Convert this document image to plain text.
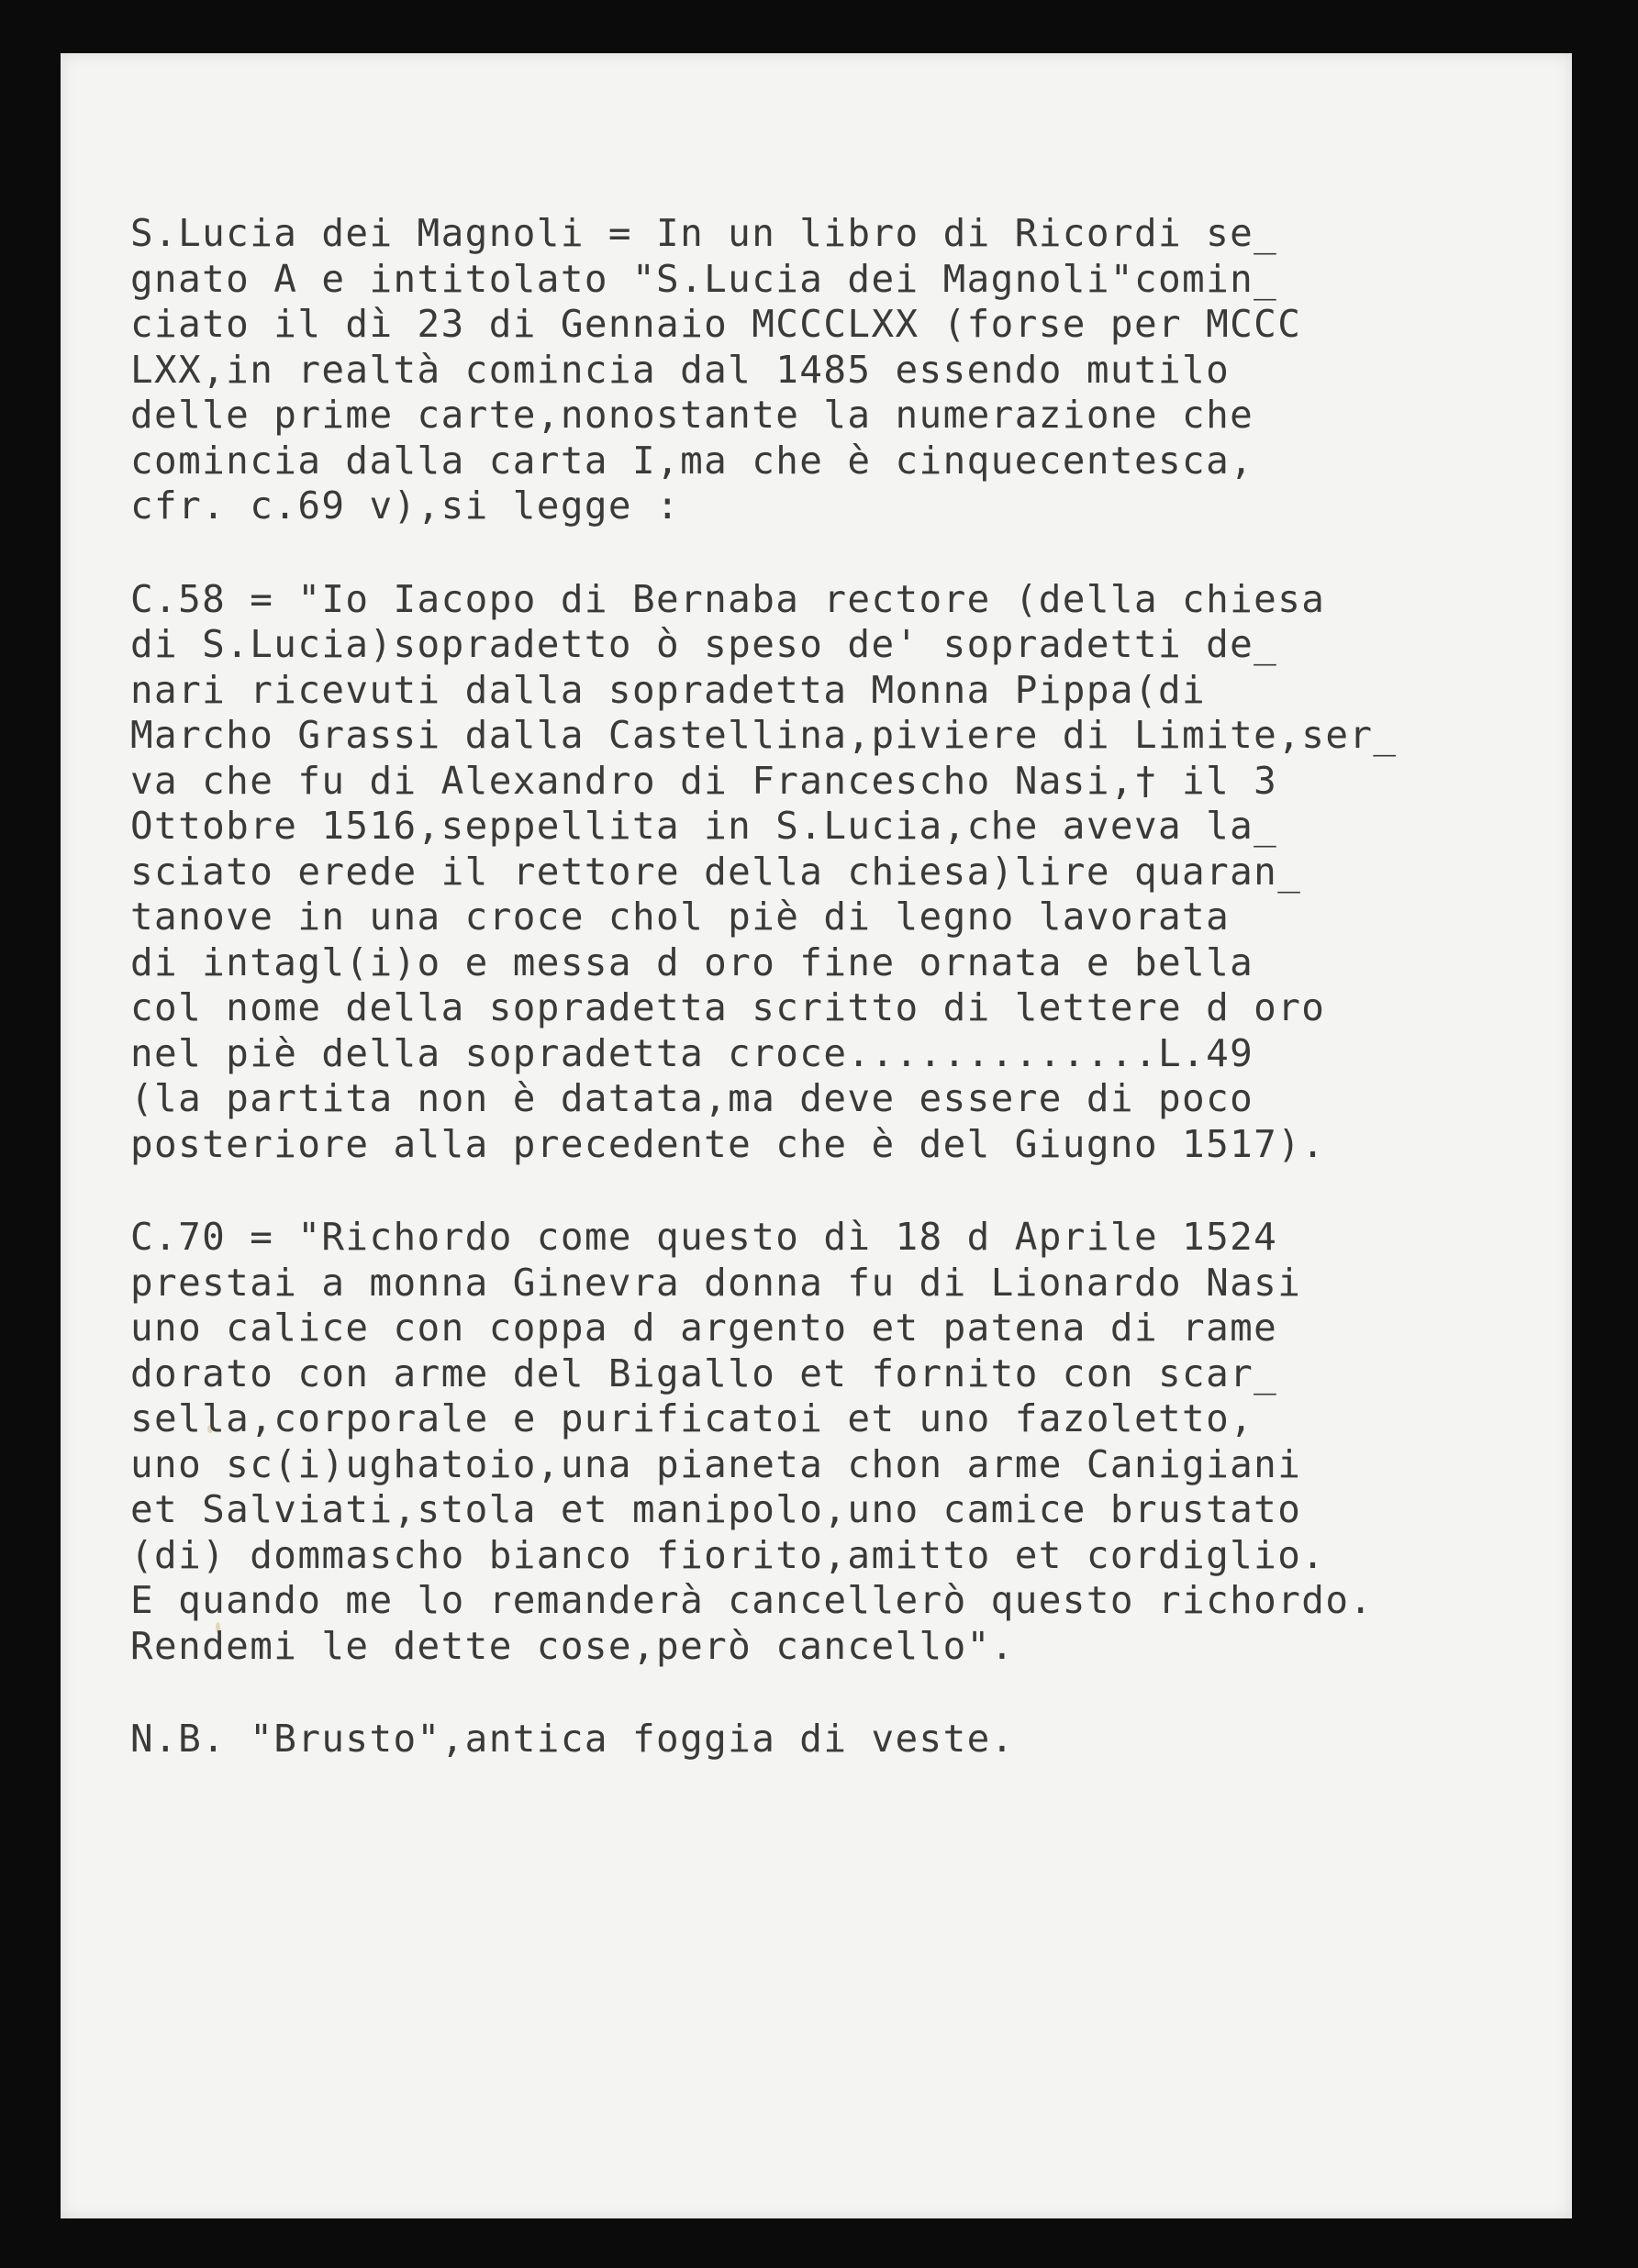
S.Lucia dei Magnoli = In un libro di Ricordi se_
gnato A e intitolato "S.Lucia dei Magnoli"comin_
ciato il dì 23 di Gennaio MCCCLXX (forse per MCCC
LXX,in realtà comincia dal 1485 essendo mutilo
delle prime carte,nonostante la numerazione che
comincia dalla carta I,ma che è cinquecentesca,
cfr. c.69 v),si legge :
C.58 = "Io Iacopo di Bernaba rectore (della chiesa
di S.Lucia)sopradetto ò speso de' sopradetti de_
nari ricevuti dalla sopradetta Monna Pippa(di
Marcho Grassi dalla Castellina,piviere di Limite,ser_
va che fu di Alexandro di Francescho Nasi,† il 3
Ottobre 1516,seppellita in S.Lucia,che aveva la_
sciato erede il rettore della chiesa)lire quaran_
tanove in una croce chol piè di legno lavorata
di intagl(i)o e messa d oro fine ornata e bella
col nome della sopradetta scritto di lettere d oro
nel piè della sopradetta croce.............L.49
(la partita non è datata,ma deve essere di poco
posteriore alla precedente che è del Giugno 1517).
C.70 = "Richordo come questo dì 18 d Aprile 1524
prestai a monna Ginevra donna fu di Lionardo Nasi
uno calice con coppa d argento et patena di rame
dorato con arme del Bigallo et fornito con scar_
sella,corporale e purificatoi et uno fazoletto,
uno sc(i)ughatoio,una pianeta chon arme Canigiani
et Salviati,stola et manipolo,uno camice brustato
(di) dommascho bianco fiorito,amitto et cordiglio.
E quando me lo remanderà cancellerò questo richordo.
Rendemi le dette cose,però cancello".
N.B. "Brusto",antica foggia di veste.
